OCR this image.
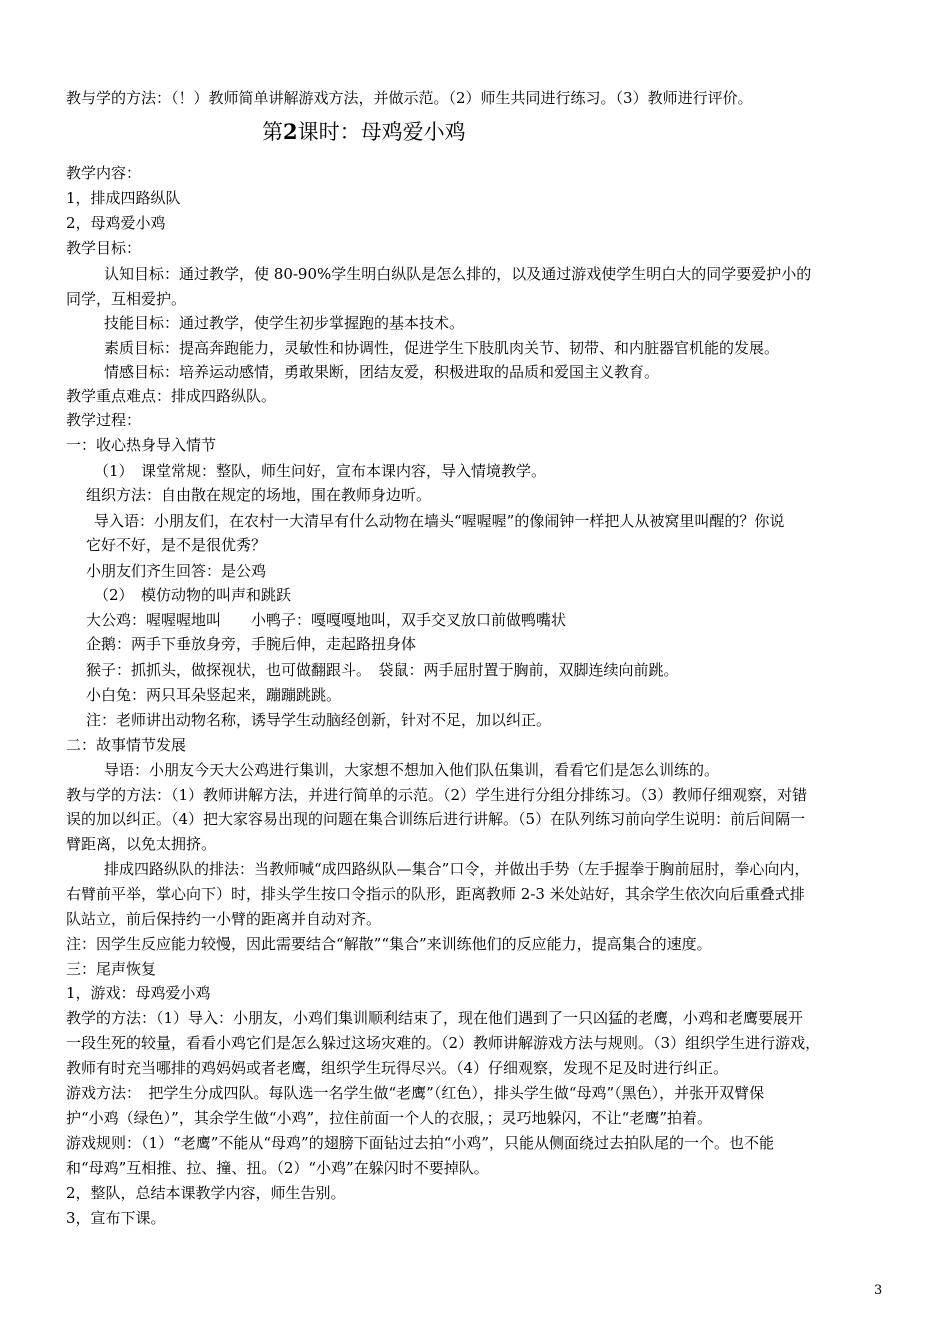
教与学的方法：（！）教师简单讲解游戏方法，并做示范。（2）师生共同进行练习。（3）教师进行评价。
第2课时：母鸡爱小鸡
教学内容：
1，排成四路纵队
2，母鸡爱小鸡
教学目标：
认知目标：通过教学，使 80-90%学生明白纵队是怎么排的，以及通过游戏使学生明白大的同学要爱护小的
同学，互相爱护。
技能目标：通过教学，使学生初步掌握跑的基本技术。
素质目标：提高奔跑能力，灵敏性和协调性，促进学生下肢肌肉关节、韧带、和内脏器官机能的发展。
情感目标：培养运动感情，勇敢果断，团结友爱，积极进取的品质和爱国主义教育。
教学重点难点：排成四路纵队。
教学过程：
一：收心热身导入情节
（1）　课堂常规：整队，师生问好，宣布本课内容，导入情境教学。
组织方法：自由散在规定的场地，围在教师身边听。
导入语：小朋友们，在农村一大清早有什么动物在墙头“喔喔喔”的像闹钟一样把人从被窝里叫醒的？你说
它好不好，是不是很优秀？
小朋友们齐生回答：是公鸡
（2）　模仿动物的叫声和跳跃
大公鸡：喔喔喔地叫　　小鸭子：嘎嘎嘎地叫，双手交叉放口前做鸭嘴状
企鹅：两手下垂放身旁，手腕后伸，走起路扭身体
猴子：抓抓头，做探视状，也可做翻跟斗。　袋鼠：两手屈肘置于胸前，双脚连续向前跳。
小白兔：两只耳朵竖起来，蹦蹦跳跳。
注：老师讲出动物名称，诱导学生动脑经创新，针对不足，加以纠正。
二：故事情节发展
导语：小朋友今天大公鸡进行集训，大家想不想加入他们队伍集训，看看它们是怎么训练的。
教与学的方法：（1）教师讲解方法，并进行简单的示范。（2）学生进行分组分排练习。（3）教师仔细观察，对错
误的加以纠正。（4）把大家容易出现的问题在集合训练后进行讲解。（5）在队列练习前向学生说明：前后间隔一
臂距离，以免太拥挤。
排成四路纵队的排法：当教师喊“成四路纵队—集合”口令，并做出手势（左手握拳于胸前屈肘，拳心向内，
右臂前平举，掌心向下）时，排头学生按口令指示的队形，距离教师 2-3 米处站好，其余学生依次向后重叠式排
队站立，前后保持约一小臂的距离并自动对齐。
注：因学生反应能力较慢，因此需要结合“解散”“集合”来训练他们的反应能力，提高集合的速度。
三：尾声恢复
1，游戏：母鸡爱小鸡
教学的方法：（1）导入：小朋友，小鸡们集训顺利结束了，现在他们遇到了一只凶猛的老鹰，小鸡和老鹰要展开
一段生死的较量，看看小鸡它们是怎么躲过这场灾难的。（2）教师讲解游戏方法与规则。（3）组织学生进行游戏，
教师有时充当哪排的鸡妈妈或者老鹰，组织学生玩得尽兴。（4）仔细观察，发现不足及时进行纠正。
游戏方法：　把学生分成四队。每队选一名学生做“老鹰”（红色），排头学生做“母鸡”（黑色），并张开双臂保
护“小鸡（绿色）”，其余学生做“小鸡”，拉住前面一个人的衣服，；灵巧地躲闪，不让“老鹰”拍着。
游戏规则：（1）“老鹰”不能从“母鸡”的翅膀下面钻过去拍“小鸡”，只能从侧面绕过去拍队尾的一个。也不能
和“母鸡”互相推、拉、撞、扭。（2）“小鸡”在躲闪时不要掉队。
2，整队，总结本课教学内容，师生告别。
3，宣布下课。
3
